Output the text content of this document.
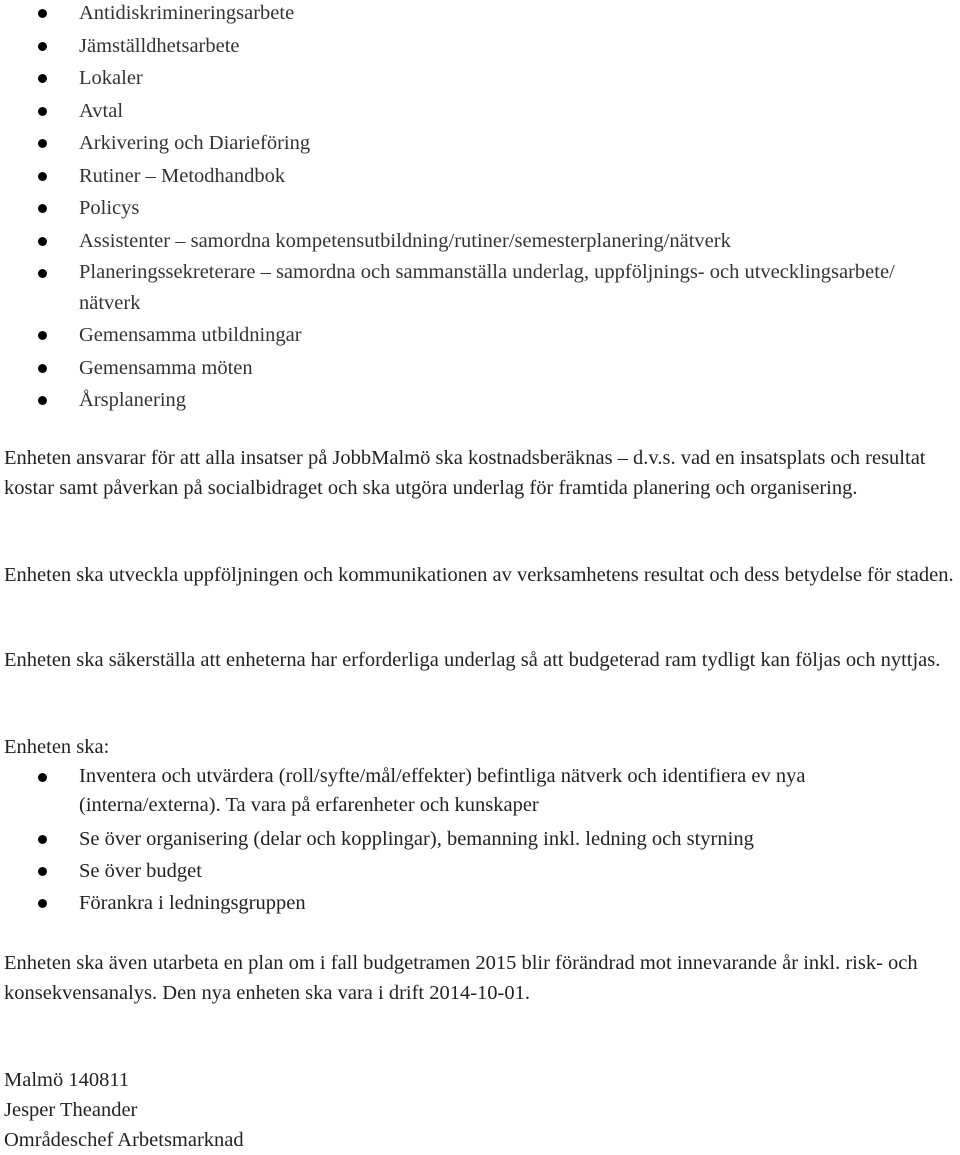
Antidiskrimineringsarbete
Jämställdhetsarbete
Lokaler
Avtal
Arkivering och Diarieföring
Rutiner – Metodhandbok
Policys
Assistenter – samordna kompetensutbildning/rutiner/semesterplanering/nätverk
Planeringssekreterare – samordna och sammanställa underlag, uppföljnings- och utvecklingsarbete/ nätverk
Gemensamma utbildningar
Gemensamma möten
Årsplanering

Enheten ansvarar för att alla insatser på JobbMalmö ska kostnadsberäknas – d.v.s. vad en insatsplats och resultat kostar samt påverkan på socialbidraget och ska utgöra underlag för framtida planering och organisering.

Enheten ska utveckla uppföljningen och kommunikationen av verksamhetens resultat och dess betydelse för staden.

Enheten ska säkerställa att enheterna har erforderliga underlag så att budgeterad ram tydligt kan följas och nyttjas.

Enheten ska:

Inventera och utvärdera (roll/syfte/mål/effekter) befintliga nätverk och identifiera ev nya (interna/externa). Ta vara på erfarenheter och kunskaper
Se över organisering (delar och kopplingar), bemanning inkl. ledning och styrning
Se över budget
Förankra i ledningsgruppen

Enheten ska även utarbeta en plan om i fall budgetramen 2015 blir förändrad mot innevarande år inkl. risk- och konsekvensanalys. Den nya enheten ska vara i drift 2014-10-01.

Malmö 140811
Jesper Theander
Områdeschef Arbetsmarknad
